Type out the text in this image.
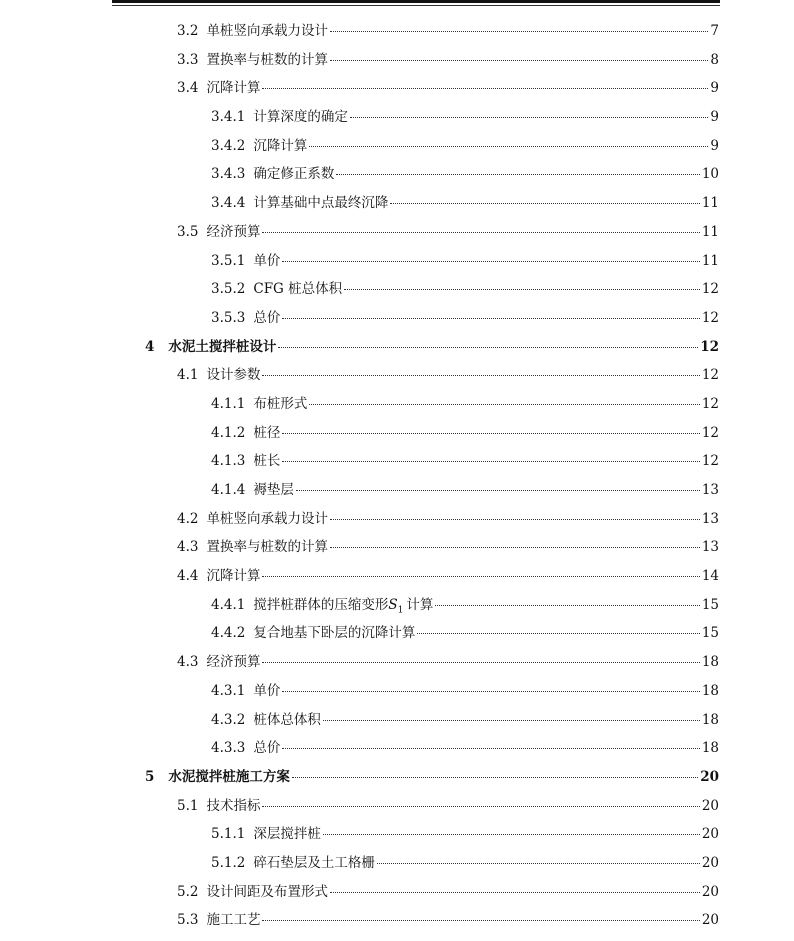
3.2 单桩竖向承载力设计	7
3.3 置换率与桩数的计算	8
3.4 沉降计算	9
3.4.1 计算深度的确定	9
3.4.2 沉降计算	9
3.4.3 确定修正系数	10
3.4.4 计算基础中点最终沉降	11
3.5 经济预算	11
3.5.1 单价	11
3.5.2 CFG 桩总体积	12
3.5.3 总价	12
4 水泥土搅拌桩设计	12
4.1 设计参数	12
4.1.1 布桩形式	12
4.1.2 桩径	12
4.1.3 桩长	12
4.1.4 褥垫层	13
4.2 单桩竖向承载力设计	13
4.3 置换率与桩数的计算	13
4.4 沉降计算	14
4.4.1 搅拌桩群体的压缩变形$S_1$ 计算	15
4.4.2 复合地基下卧层的沉降计算	15
4.3 经济预算	18
4.3.1 单价	18
4.3.2 桩体总体积	18
4.3.3 总价	18
5 水泥搅拌桩施工方案	20
5.1 技术指标	20
5.1.1 深层搅拌桩	20
5.1.2 碎石垫层及土工格栅	20
5.2 设计间距及布置形式	20
5.3 施工工艺	20
